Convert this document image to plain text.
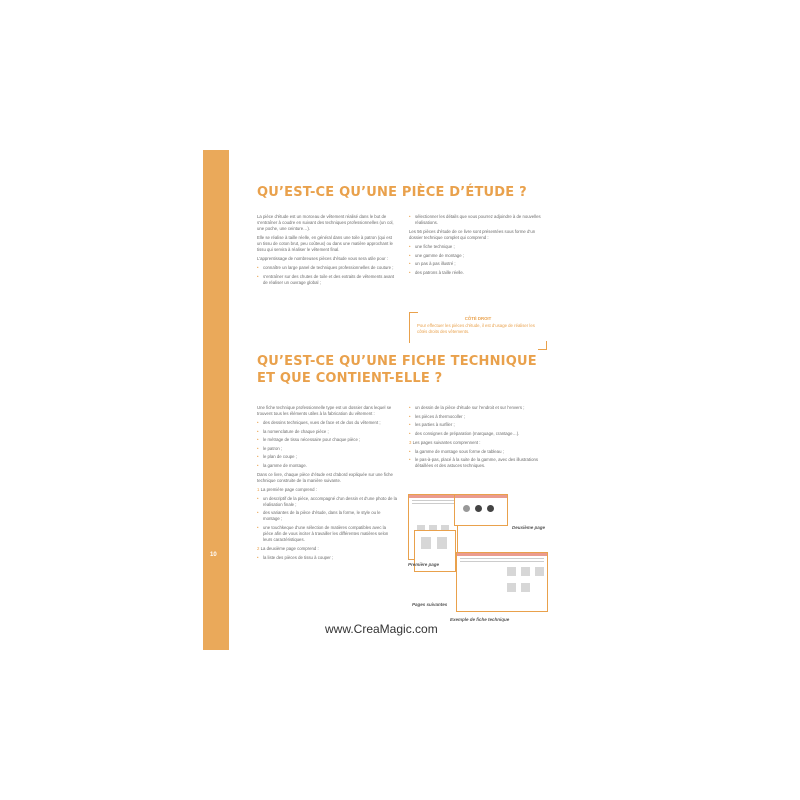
AVANT-PROPOS
10
QU’EST-CE QU’UNE PIÈCE D’ÉTUDE ?

La pièce d’étude est un morceau de vêtement réalisé dans le but de s’entraîner à coudre en suivant des techniques professionnelles (un col, une poche, une ceinture…).

Elle se réalise à taille réelle, en général dans une toile à patron (qui est un tissu de coton brut, peu coûteux) ou dans une matière approchant le tissu qui servira à réaliser le vêtement final.

L’apprentissage de nombreuses pièces d’étude vous sera utile pour :

• connaître un large panel de techniques professionnelles de couture ;
• s’entraîner sur des chutes de toile et des extraits de vêtements avant de réaliser un ouvrage global ;
• sélectionner les détails que vous pourrez adjoindre à de nouvelles réalisations.

Les 56 pièces d’étude de ce livre sont présentées sous forme d’un dossier technique complet qui comprend :

• une fiche technique ;
• une gamme de montage ;
• un pas à pas illustré ;
• des patrons à taille réelle.
CÔTÉ DROIT
Pour effectuer les pièces d’étude, il est d’usage de réaliser les côtés droits des vêtements.
QU’EST-CE QU’UNE FICHE TECHNIQUE
ET QUE CONTIENT-ELLE ?

Une fiche technique professionnelle type est un dossier dans lequel se trouvent tous les éléments utiles à la fabrication du vêtement :

• des dessins techniques, vues de face et de dos du vêtement ;
• la nomenclature de chaque pièce ;
• le métrage de tissu nécessaire pour chaque pièce ;
• le patron ;
• le plan de coupe ;
• la gamme de montage.

Dans ce livre, chaque pièce d’étude est d’abord expliquée sur une fiche technique construite de la manière suivante.

1 La première page comprend :

• un descriptif de la pièce, accompagné d’un dessin et d’une photo de la réalisation finale ;
• des variantes de la pièce d’étude, dans la forme, le style ou le montage ;
• une touchkeque d’une sélection de matières compatibles avec la pièce afin de vous inciter à travailler les différentes matières selon leurs caractéristiques.

2 La deuxième page comprend :

• la liste des pièces de tissu à couper ;
• un dessin de la pièce d’étude sur l’endroit et sur l’envers ;
• les pièces à thermocoller ;
• les parties à surfiler ;
• des consignes de préparation (marquage, crantage…).

3 Les pages suivantes comprennent :

• la gamme de montage sous forme de tableau ;
• le pas-à-pas, placé à la suite de la gamme, avec des illustrations détaillées et des astuces techniques.
Deuxième page
Première page
Pages suivantes
Exemple de fiche technique
www.CreaMagic.com
